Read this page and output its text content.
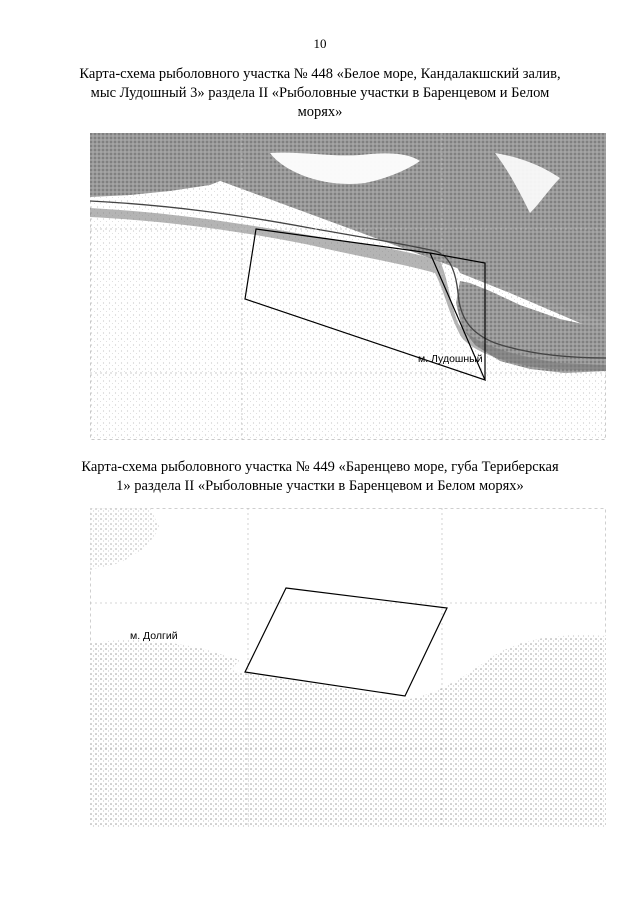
10
Карта-схема рыболовного участка № 448 «Белое море, Кандалакшский залив,
мыс Лудошный 3» раздела II «Рыболовные участки в Баренцевом и Белом
морях»
м. Лудошный
Карта-схема рыболовного участка № 449 «Баренцево море, губа Териберская
1» раздела II «Рыболовные участки в Баренцевом и Белом морях»
м. Долгий
